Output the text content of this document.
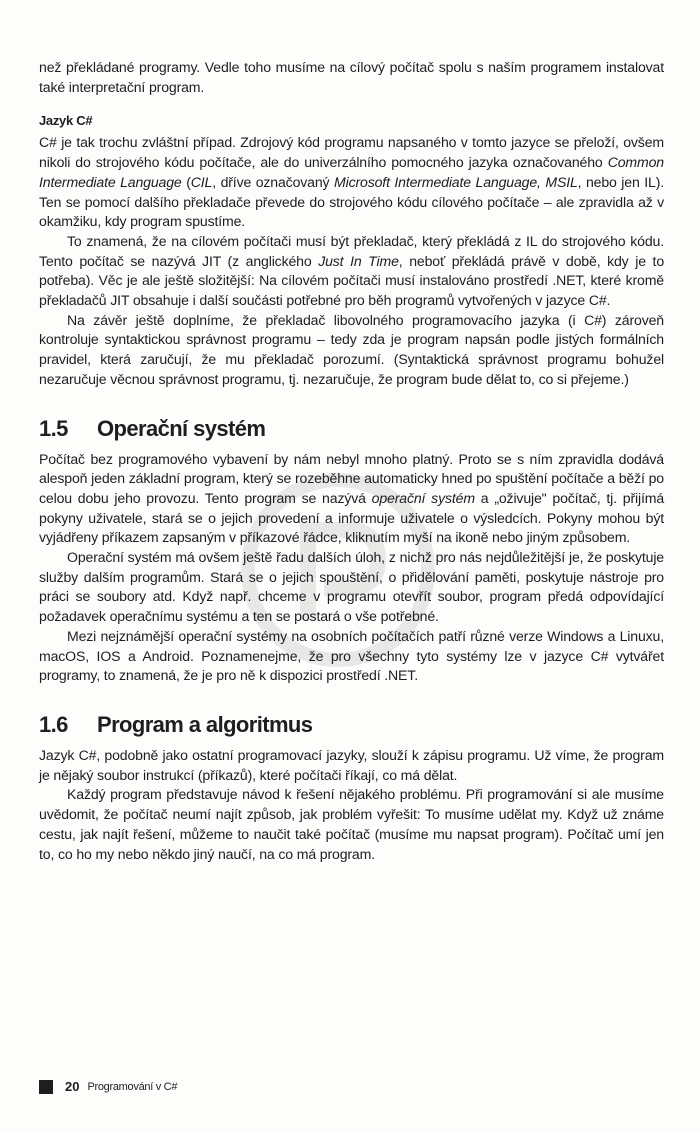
než překládané programy. Vedle toho musíme na cílový počítač spolu s naším programem instalovat také interpretační program.

Jazyk C#

C# je tak trochu zvláštní případ. Zdrojový kód programu napsaného v tomto jazyce se přeloží, ovšem nikoli do strojového kódu počítače, ale do univerzálního pomocného jazyka označovaného Common Intermediate Language (CIL, dříve označovaný Microsoft Intermediate Language, MSIL, nebo jen IL). Ten se pomocí dalšího překladače převede do strojového kódu cílového počítače – ale zpravidla až v okamžiku, kdy program spustíme.

To znamená, že na cílovém počítači musí být překladač, který překládá z IL do strojového kódu. Tento počítač se nazývá JIT (z anglického Just In Time, neboť překládá právě v době, kdy je to potřeba). Věc je ale ještě složitější: Na cílovém počítači musí instalováno prostředí .NET, které kromě překladačů JIT obsahuje i další součásti potřebné pro běh programů vytvořených v jazyce C#.

Na závěr ještě doplníme, že překladač libovolného programovacího jazyka (i C#) zároveň kontroluje syntaktickou správnost programu – tedy zda je program napsán podle jistých formálních pravidel, která zaručují, že mu překladač porozumí. (Syntaktická správnost programu bohužel nezaručuje věcnou správnost programu, tj. nezaručuje, že program bude dělat to, co si přejeme.)

1.5 Operační systém

Počítač bez programového vybavení by nám nebyl mnoho platný. Proto se s ním zpravidla dodává alespoň jeden základní program, který se rozeběhne automaticky hned po spuštění počítače a běží po celou dobu jeho provozu. Tento program se nazývá operační systém a „oživuje" počítač, tj. přijímá pokyny uživatele, stará se o jejich provedení a informuje uživatele o výsledcích. Pokyny mohou být vyjádřeny příkazem zapsaným v příkazové řádce, kliknutím myší na ikoně nebo jiným způsobem.

Operační systém má ovšem ještě řadu dalších úloh, z nichž pro nás nejdůležitější je, že poskytuje služby dalším programům. Stará se o jejich spouštění, o přidělování paměti, poskytuje nástroje pro práci se soubory atd. Když např. chceme v programu otevřít soubor, program předá odpovídající požadavek operačnímu systému a ten se postará o vše potřebné.

Mezi nejznámější operační systémy na osobních počítačích patří různé verze Windows a Linuxu, macOS, IOS a Android. Poznamenejme, že pro všechny tyto systémy lze v jazyce C# vytvářet programy, to znamená, že je pro ně k dispozici prostředí .NET.

1.6 Program a algoritmus

Jazyk C#, podobně jako ostatní programovací jazyky, slouží k zápisu programu. Už víme, že program je nějaký soubor instrukcí (příkazů), které počítači říkají, co má dělat.

Každý program představuje návod k řešení nějakého problému. Při programování si ale musíme uvědomit, že počítač neumí najít způsob, jak problém vyřešit: To musíme udělat my. Když už známe cestu, jak najít řešení, můžeme to naučit také počítač (musíme mu napsat program). Počítač umí jen to, co ho my nebo někdo jiný naučí, na co má program.

20 Programování v C#
